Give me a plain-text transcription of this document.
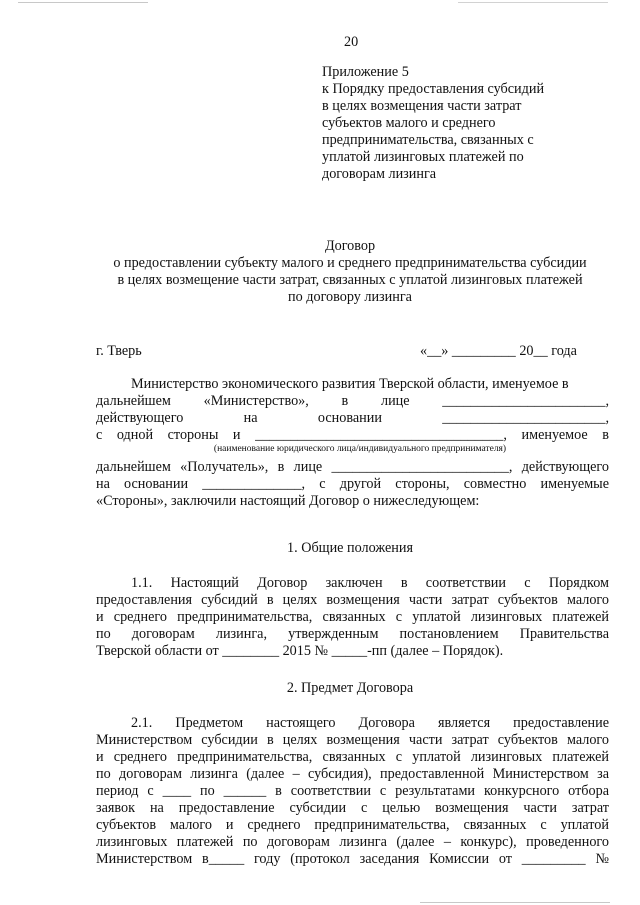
20
Приложение 5
к Порядку предоставления субсидий
в целях возмещения части затрат
субъектов малого и среднего
предпринимательства, связанных с
уплатой лизинговых платежей по
договорам лизинга
Договор
о предоставлении субъекту малого и среднего предпринимательства субсидии
в целях возмещение части затрат, связанных с уплатой лизинговых платежей
по договору лизинга
г. Тверь	«__» _________ 20__ года
Министерство экономического развития Тверской области, именуемое в
дальнейшем «Министерство», в лице _______________________,
действующего на основании _______________________,
с одной стороны и ___________________________________, именуемое в
(наименование юридического лица/индивидуального предпринимателя)
дальнейшем «Получатель», в лице _________________________, действующего
на основании ______________, с другой стороны, совместно именуемые
«Стороны», заключили настоящий Договор о нижеследующем:
1. Общие положения
1.1. Настоящий Договор заключен в соответствии с Порядком
предоставления субсидий в целях возмещения части затрат субъектов малого
и среднего предпринимательства, связанных с уплатой лизинговых платежей
по договорам лизинга, утвержденным постановлением Правительства
Тверской области от ________ 2015 № _____-пп (далее – Порядок).
2. Предмет Договора
2.1. Предметом настоящего Договора является предоставление
Министерством субсидии в целях возмещения части затрат субъектов малого
и среднего предпринимательства, связанных с уплатой лизинговых платежей
по договорам лизинга (далее – субсидия), предоставленной Министерством за
период с ____ по ______ в соответствии с результатами конкурсного отбора
заявок на предоставление субсидии с целью возмещения части затрат
субъектов малого и среднего предпринимательства, связанных с уплатой
лизинговых платежей по договорам лизинга (далее – конкурс), проведенного
Министерством в_____ году (протокол заседания Комиссии от _________ №
